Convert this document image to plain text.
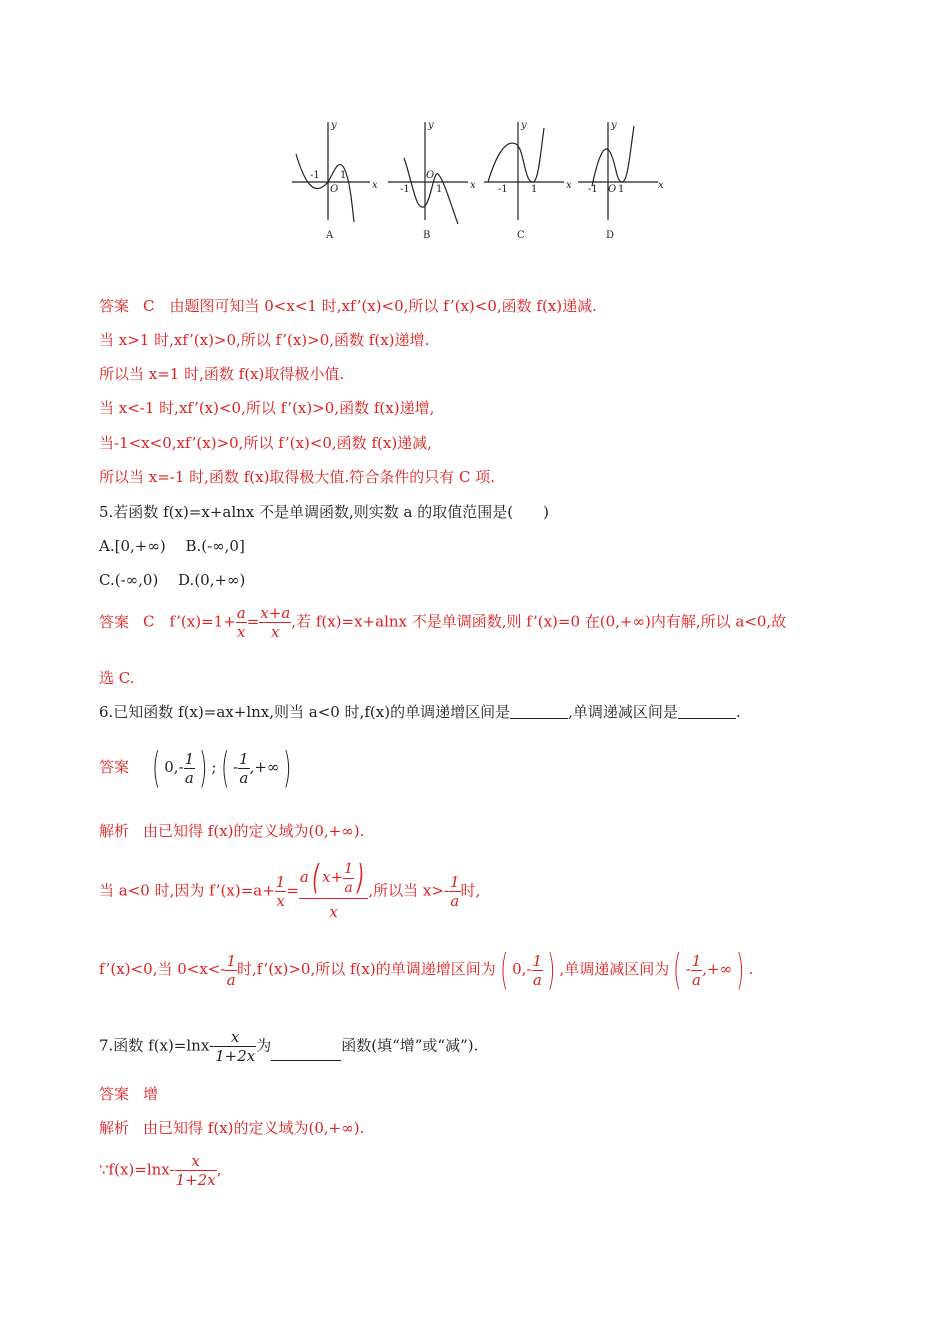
y
x
y
x
y
x
y
x
O
O
O
-1 1
-1	1	-1 1	-1 1
A	B	C	D
答案 C　由题图可知当 0<x<1 时,xf’(x)<0,所以 f’(x)<0,函数 f(x)递减.
当 x>1 时,xf’(x)>0,所以 f’(x)>0,函数 f(x)递增.
所以当 x=1 时,函数 f(x)取得极小值.
当 x<-1 时,xf’(x)<0,所以 f’(x)>0,函数 f(x)递增,
当-1<x<0,xf’(x)>0,所以 f’(x)<0,函数 f(x)递减,
所以当 x=-1 时,函数 f(x)取得极大值.符合条件的只有 C 项.
5.若函数 f(x)=x+alnx 不是单调函数,则实数 a 的取值范围是(　　)
A.[0,+∞)　 B.(-∞,0]
C.(-∞,0)　 D.(0,+∞)
答案 C　f’(x)=1+ $\frac{a}{x} = \frac{x+a}{x}$ ,若 f(x)=x+alnx 不是单调函数,则 f’(x)=0 在(0,+∞)内有解,所以 a<0,故
选 C.
6.已知函数 f(x)=ax+lnx,则当 a<0 时,f(x)的单调递增区间是	,单调递减区间是	.
答案 ( $0,- \frac{1}{a}$ ) ;( - $\frac{1}{a}$ ,+∞)
解析 由已知得 f(x)的定义域为(0,+∞).
当 a<0 时,因为 f’(x)=a+ $\frac{1}{x} = \frac{a( x+ \frac{1}{a} )}{x}$ ,所以当 $x>- \frac{1}{a}$ 时,
f’(x)<0,当 $0<x<- \frac{1}{a}$ 时,f’(x)>0,所以 f(x)的单调递增区间为( $0,- \frac{1}{a}$ ) ,单调递减区间为( - $\frac{1}{a}$ ,+∞) .
7.函数 $f(x)=\ln x- \frac{x}{1+2x}$ 为	函数(填“增”或“减”).
答案 增
解析 由已知得 f(x)的定义域为(0,+∞).
∵f(x)=lnx- $\frac{x}{1+2x}$ ,
